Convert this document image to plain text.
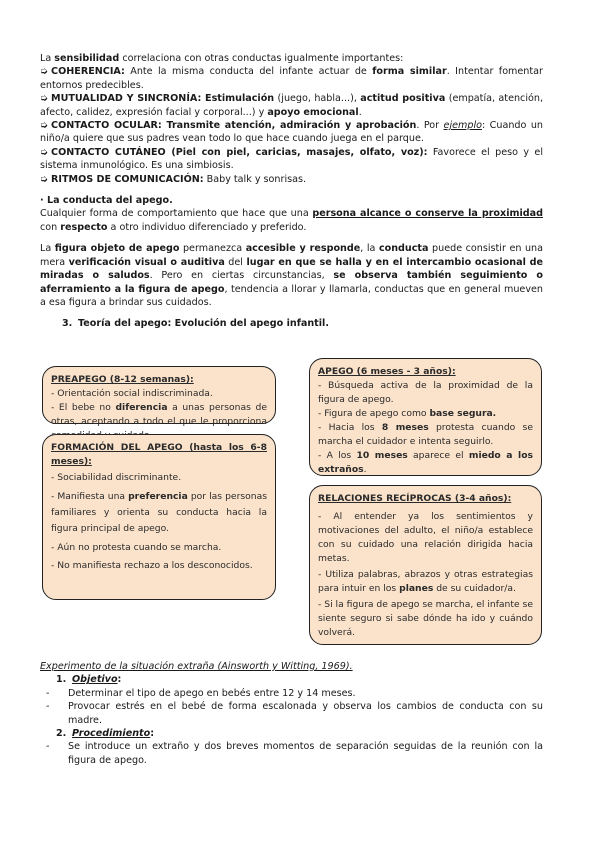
La sensibilidad correlaciona con otras conductas igualmente importantes:

➭ COHERENCIA: Ante la misma conducta del infante actuar de forma similar. Intentar fomentar entornos predecibles.

➭ MUTUALIDAD Y SINCRONÍA: Estimulación (juego, habla...), actitud positiva (empatía, atención, afecto, calidez, expresión facial y corporal...) y apoyo emocional.

➭ CONTACTO OCULAR: Transmite atención, admiración y aprobación. Por ejemplo: Cuando un niño/a quiere que sus padres vean todo lo que hace cuando juega en el parque.

➭ CONTACTO CUTÁNEO (Piel con piel, caricias, masajes, olfato, voz): Favorece el peso y el sistema inmunológico. Es una simbiosis.

➭ RITMOS DE COMUNICACIÓN: Baby talk y sonrisas.

· La conducta del apego.

Cualquier forma de comportamiento que hace que una persona alcance o conserve la proximidad con respecto a otro individuo diferenciado y preferido.

La figura objeto de apego permanezca accesible y responde, la conducta puede consistir en una mera verificación visual o auditiva del lugar en que se halla y en el intercambio ocasional de miradas o saludos. Pero en ciertas circunstancias, se observa también seguimiento o aferramiento a la figura de apego, tendencia a llorar y llamarla, conductas que en general mueven a esa figura a brindar sus cuidados.

3. Teoría del apego: Evolución del apego infantil.

PREAPEGO (8-12 semanas):

- Orientación social indiscriminada.

- El bebe no diferencia a unas personas de otras, aceptando a todo el que le proporciona

FORMACIÓN DEL APEGO (hasta los 6-8 meses):

- Sociabilidad discriminante.

- Manifiesta una preferencia por las personas familiares y orienta su conducta hacia la figura principal de apego.

- Aún no protesta cuando se marcha.

- No manifiesta rechazo a los desconocidos.

APEGO (6 meses - 3 años):

- Búsqueda activa de la proximidad de la figura de apego.

- Figura de apego como base segura.

- Hacia los 8 meses protesta cuando se marcha el cuidador e intenta seguirlo.

- A los 10 meses aparece el miedo a los extraños.

RELACIONES RECÍPROCAS (3-4 años):

- Al entender ya los sentimientos y motivaciones del adulto, el niño/a establece con su cuidado una relación dirigida hacia metas.

- Utiliza palabras, abrazos y otras estrategias para intuir en los planes de su cuidador/a.

- Si la figura de apego se marcha, el infante se siente seguro si sabe dónde ha ido y cuándo volverá.

Experimento de la situación extraña (Ainsworth y Witting, 1969).

1. Objetivo:

- Determinar el tipo de apego en bebés entre 12 y 14 meses.
- Provocar estrés en el bebé de forma escalonada y observa los cambios de conducta con su madre.

2. Procedimiento:

- Se introduce un extraño y dos breves momentos de separación seguidas de la reunión con la figura de apego.
